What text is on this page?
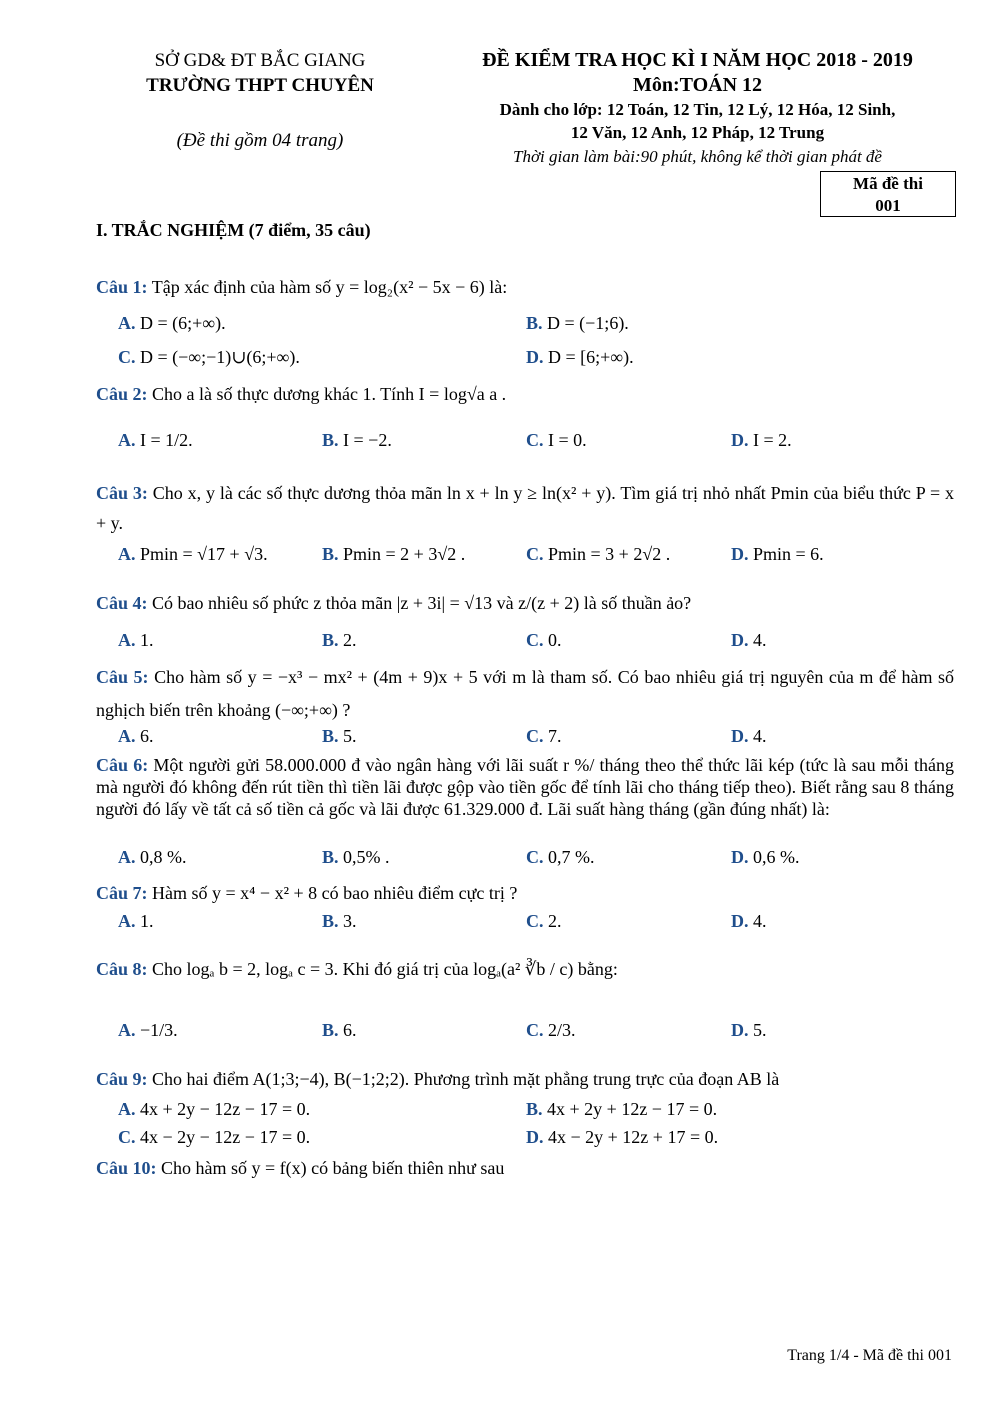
SỞ GD& ĐT BẮC GIANG
TRƯỜNG THPT CHUYÊN
(Đề thi gồm 04 trang)
ĐỀ KIỂM TRA HỌC KÌ I NĂM HỌC 2018 - 2019
Môn:TOÁN 12
Dành cho lớp: 12 Toán, 12 Tin, 12 Lý, 12 Hóa, 12 Sinh,
12 Văn, 12 Anh, 12 Pháp, 12 Trung
Thời gian làm bài:90 phút, không kể thời gian phát đề
Mã đề thi
001
I. TRẮC NGHIỆM (7 điểm, 35 câu)
Câu 1: Tập xác định của hàm số y = log₂(x² − 5x − 6) là:
A. D = (6;+∞).	B. D = (−1;6).
C. D = (−∞;−1)∪(6;+∞).	D. D = [6;+∞).
Câu 2: Cho a là số thực dương khác 1. Tính I = log√a a .
A. I = 1/2.	B. I = −2.	C. I = 0.	D. I = 2.
Câu 3: Cho x, y là các số thực dương thỏa mãn ln x + ln y ≥ ln(x² + y). Tìm giá trị nhỏ nhất Pmin của biểu thức P = x + y.
A. Pmin = √17 + √3.	B. Pmin = 2 + 3√2 .	C. Pmin = 3 + 2√2 .	D. Pmin = 6.
Câu 4: Có bao nhiêu số phức z thỏa mãn |z + 3i| = √13 và z/(z + 2) là số thuần ảo?
A. 1.	B. 2.	C. 0.	D. 4.
Câu 5: Cho hàm số y = −x³ − mx² + (4m + 9)x + 5 với m là tham số. Có bao nhiêu giá trị nguyên của m để hàm số nghịch biến trên khoảng (−∞;+∞) ?
A. 6.	B. 5.	C. 7.	D. 4.
Câu 6: Một người gửi 58.000.000 đ vào ngân hàng với lãi suất r %/ tháng theo thể thức lãi kép (tức là sau mỗi tháng mà người đó không đến rút tiền thì tiền lãi được gộp vào tiền gốc để tính lãi cho tháng tiếp theo). Biết rằng sau 8 tháng người đó lấy về tất cả số tiền cả gốc và lãi được 61.329.000 đ. Lãi suất hàng tháng (gần đúng nhất) là:
A. 0,8 %.	B. 0,5% .	C. 0,7 %.	D. 0,6 %.
Câu 7: Hàm số y = x⁴ − x² + 8 có bao nhiêu điểm cực trị ?
A. 1.	B. 3.	C. 2.	D. 4.
Câu 8: Cho logₐ b = 2, logₐ c = 3. Khi đó giá trị của logₐ(a² ∛b / c) bằng:
A. −1/3.	B. 6.	C. 2/3.	D. 5.
Câu 9: Cho hai điểm A(1;3;−4), B(−1;2;2). Phương trình mặt phẳng trung trực của đoạn AB là
A. 4x + 2y − 12z − 17 = 0.	B. 4x + 2y + 12z − 17 = 0.
C. 4x − 2y − 12z − 17 = 0.	D. 4x − 2y + 12z + 17 = 0.
Câu 10: Cho hàm số y = f(x) có bảng biến thiên như sau
Trang 1/4 - Mã đề thi 001
